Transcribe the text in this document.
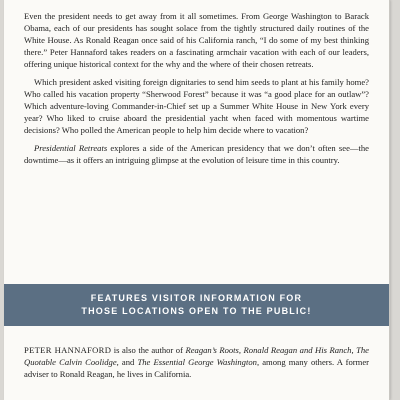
Even the president needs to get away from it all sometimes. From George Washington to Barack Obama, each of our presidents has sought solace from the tightly structured daily routines of the White House. As Ronald Reagan once said of his California ranch, “I do some of my best thinking there.” Peter Hannaford takes readers on a fascinating armchair vacation with each of our leaders, offering unique historical context for the why and the where of their chosen retreats.

Which president asked visiting foreign dignitaries to send him seeds to plant at his family home? Who called his vacation property “Sherwood Forest” because it was “a good place for an outlaw”? Which adventure-loving Commander-in-Chief set up a Summer White House in New York every year? Who liked to cruise aboard the presidential yacht when faced with momentous wartime decisions? Who polled the American people to help him decide where to vacation?

Presidential Retreats explores a side of the American presidency that we don’t often see—the downtime—as it offers an intriguing glimpse at the evolution of leisure time in this country.

FEATURES VISITOR INFORMATION FOR
THOSE LOCATIONS OPEN TO THE PUBLIC!
PETER HANNAFORD is also the author of Reagan’s Roots, Ronald Reagan and His Ranch, The Quotable Calvin Coolidge, and The Essential George Washington, among many others. A former adviser to Ronald Reagan, he lives in California.
